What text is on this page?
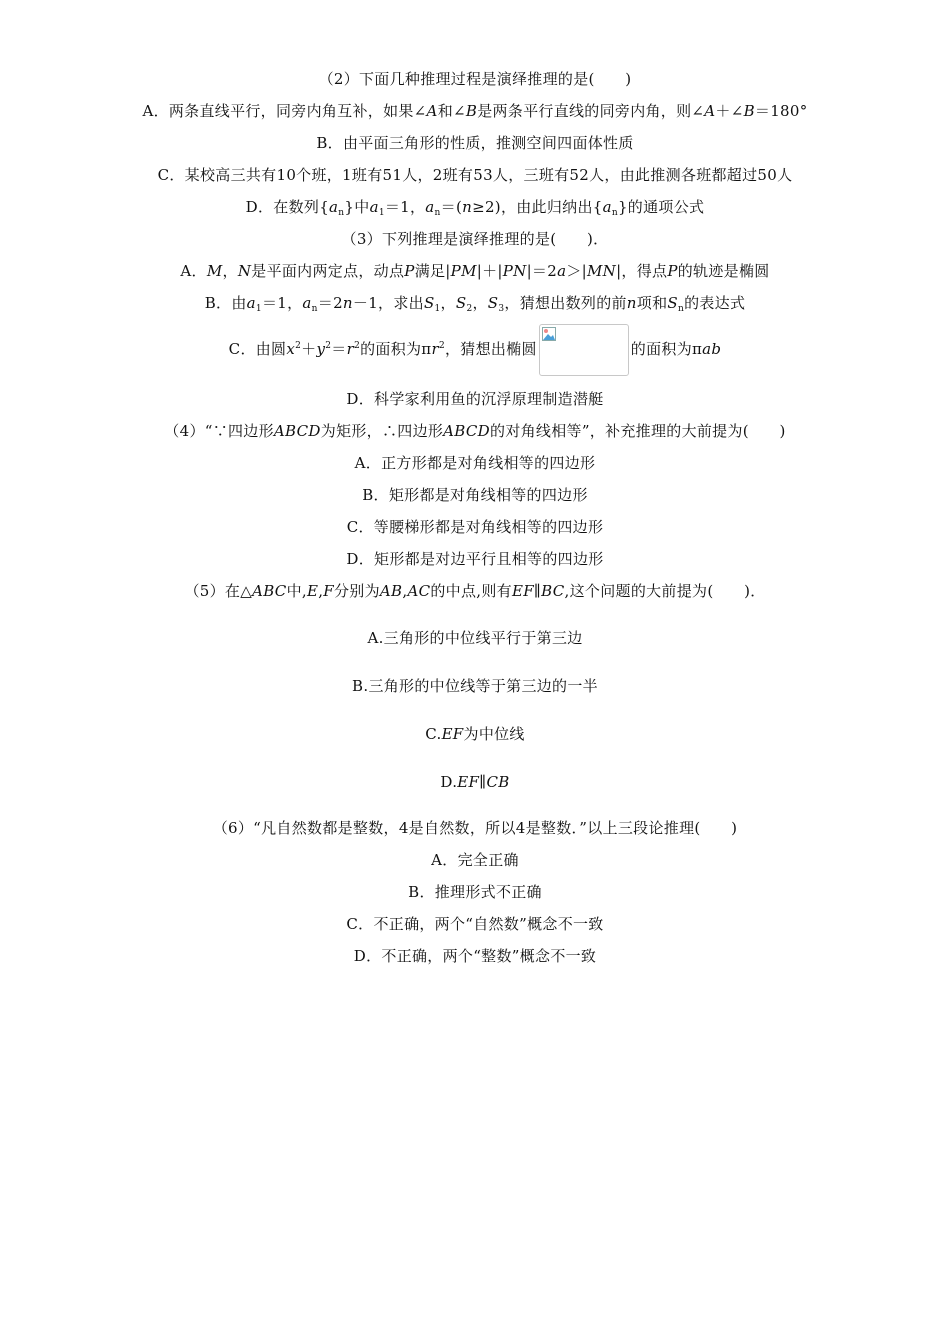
（2）下面几种推理过程是演绎推理的是(　　)
A．两条直线平行，同旁内角互补，如果∠A和∠B是两条平行直线的同旁内角，则∠A＋∠B＝180°
B．由平面三角形的性质，推测空间四面体性质
C．某校高三共有10个班，1班有51人，2班有53人，三班有52人，由此推测各班都超过50人
D．在数列$\{a_n\}$中$a_1=1$，$a_n=(n\ge 2)$，由此归纳出$\{a_n\}$的通项公式
（3）下列推理是演绎推理的是(　　)．
A．M，N是平面内两定点，动点P满足|PM|＋|PN|＝2a＞|MN|，得点P的轨迹是椭圆
B．由$a_1=1$，$a_n=2n-1$，求出$S_1$，$S_2$，$S_3$，猜想出数列的前n项和$S_n$的表达式
C．由圆$x^2+y^2=r^2$的面积为$\pi r^2$，猜想出椭圆	的面积为πab
D．科学家利用鱼的沉浮原理制造潜艇
（4）“∵四边形ABCD为矩形，∴四边形ABCD的对角线相等”，补充推理的大前提为(　　)
A．正方形都是对角线相等的四边形
B．矩形都是对角线相等的四边形
C．等腰梯形都是对角线相等的四边形
D．矩形都是对边平行且相等的四边形
（5）在△ABC中,E,F分别为AB,AC的中点,则有EF∥BC,这个问题的大前提为(　　)．
A.三角形的中位线平行于第三边
B.三角形的中位线等于第三边的一半
C.EF为中位线
D.EF∥CB
（6）“凡自然数都是整数，4是自然数，所以4是整数．”以上三段论推理(　　)
A．完全正确
B．推理形式不正确
C．不正确，两个“自然数”概念不一致
D．不正确，两个“整数”概念不一致
